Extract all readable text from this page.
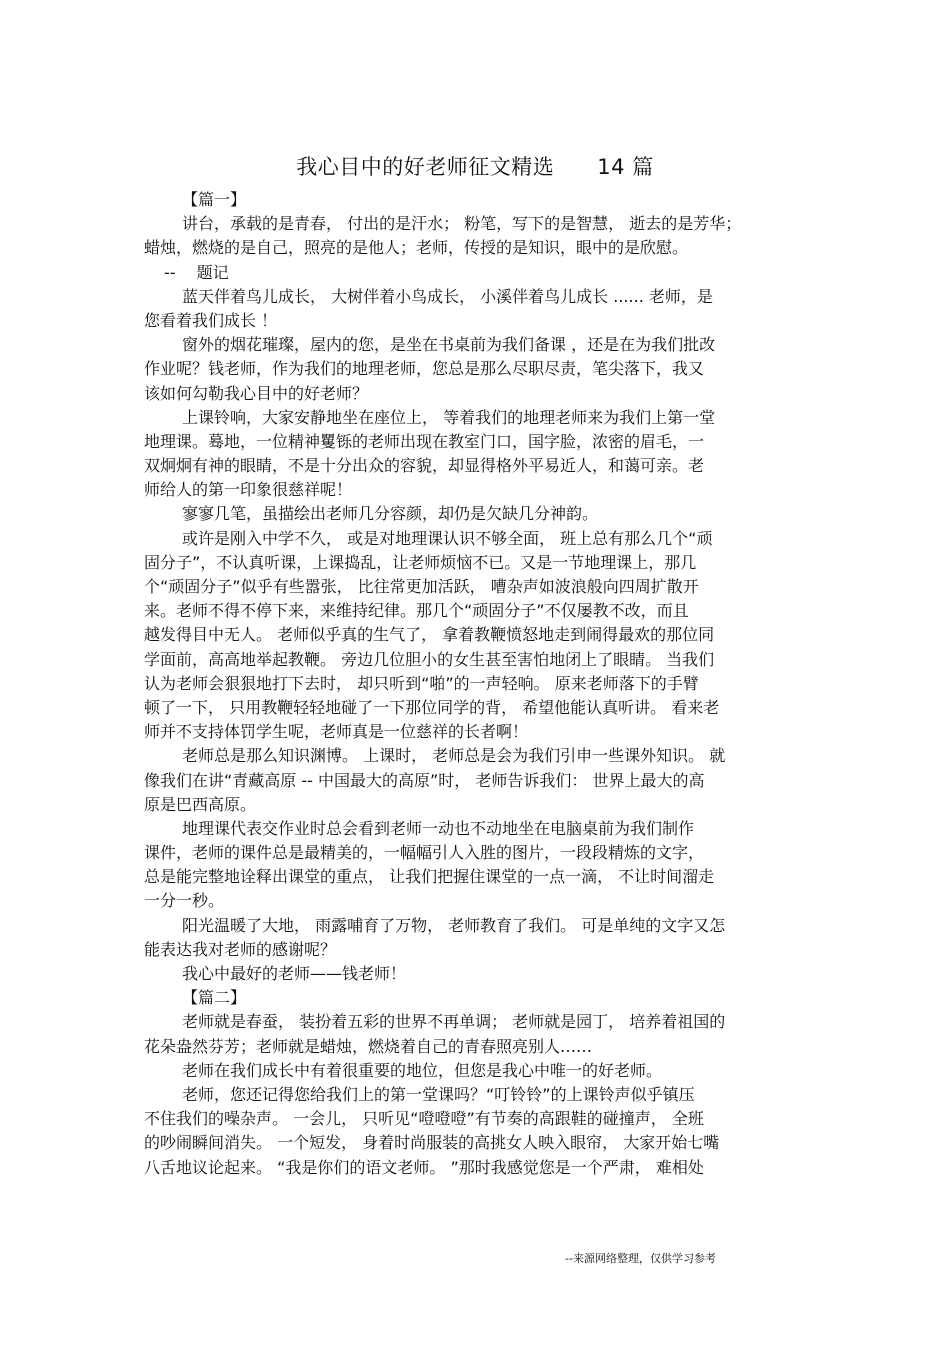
我心目中的好老师征文精选　　14 篇
【篇一】
讲台，承载的是青春， 付出的是汗水； 粉笔，写下的是智慧， 逝去的是芳华；
蜡烛，燃烧的是自己，照亮的是他人；老师，传授的是知识，眼中的是欣慰。
--　 题记
蓝天伴着鸟儿成长， 大树伴着小鸟成长， 小溪伴着鸟儿成长 ...... 老师，是
您看着我们成长 ！
窗外的烟花璀璨，屋内的您，是坐在书桌前为我们备课 ，还是在为我们批改
作业呢？钱老师，作为我们的地理老师，您总是那么尽职尽责，笔尖落下，我又
该如何勾勒我心目中的好老师？
上课铃响，大家安静地坐在座位上， 等着我们的地理老师来为我们上第一堂
地理课。蓦地，一位精神矍铄的老师出现在教室门口，国字脸，浓密的眉毛，一
双炯炯有神的眼睛，不是十分出众的容貌，却显得格外平易近人，和蔼可亲。老
师给人的第一印象很慈祥呢！
寥寥几笔，虽描绘出老师几分容颜，却仍是欠缺几分神韵。
或许是刚入中学不久， 或是对地理课认识不够全面， 班上总有那么几个“顽
固分子”，不认真听课，上课捣乱，让老师烦恼不已。又是一节地理课上，那几
个“顽固分子”似乎有些嚣张， 比往常更加活跃， 嘈杂声如波浪般向四周扩散开
来。老师不得不停下来，来维持纪律。那几个“顽固分子”不仅屡教不改，而且
越发得目中无人。 老师似乎真的生气了， 拿着教鞭愤怒地走到闹得最欢的那位同
学面前，高高地举起教鞭。 旁边几位胆小的女生甚至害怕地闭上了眼睛。 当我们
认为老师会狠狠地打下去时， 却只听到“啪”的一声轻响。 原来老师落下的手臂
顿了一下， 只用教鞭轻轻地碰了一下那位同学的背， 希望他能认真听讲。 看来老
师并不支持体罚学生呢，老师真是一位慈祥的长者啊！
老师总是那么知识渊博。 上课时， 老师总是会为我们引申一些课外知识。 就
像我们在讲“青藏高原 -- 中国最大的高原”时， 老师告诉我们： 世界上最大的高
原是巴西高原。
地理课代表交作业时总会看到老师一动也不动地坐在电脑桌前为我们制作
课件，老师的课件总是最精美的，一幅幅引人入胜的图片，一段段精炼的文字，
总是能完整地诠释出课堂的重点， 让我们把握住课堂的一点一滴， 不让时间溜走
一分一秒。
阳光温暖了大地， 雨露哺育了万物， 老师教育了我们。 可是单纯的文字又怎
能表达我对老师的感谢呢？
我心中最好的老师——钱老师！
【篇二】
老师就是春蚕， 装扮着五彩的世界不再单调； 老师就是园丁， 培养着祖国的
花朵盎然芬芳；老师就是蜡烛，燃烧着自己的青春照亮别人……
老师在我们成长中有着很重要的地位，但您是我心中唯一的好老师。
老师，您还记得您给我们上的第一堂课吗？“叮铃铃”的上课铃声似乎镇压
不住我们的噪杂声。 一会儿， 只听见“噔噔噔”有节奏的高跟鞋的碰撞声， 全班
的吵闹瞬间消失。 一个短发， 身着时尚服装的高挑女人映入眼帘， 大家开始七嘴
八舌地议论起来。 “我是你们的语文老师。 ”那时我感觉您是一个严肃， 难相处
--来源网络整理，仅供学习参考
